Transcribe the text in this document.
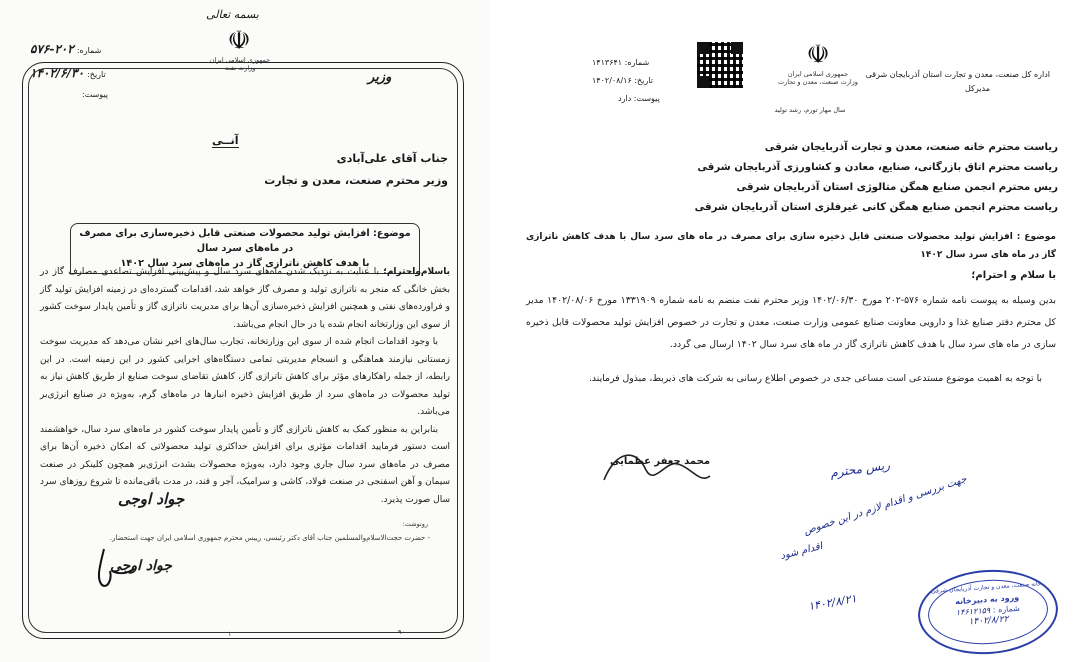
بسمه تعالی
☫
جمهوری اسلامی ایران
وزارت نفت
وزیر
شماره: ۲۰۲-۵۷۶
تاریخ: ۱۴۰۲/۶/۳۰
پیوست:
آنــی
جناب آقای علی‌آبادی
وزیر محترم صنعت، معدن و تجارت
موضوع: افزایش تولید محصولات صنعتی قابل ذخیره‌سازی برای مصرف در ماه‌های سرد سال
با هدف کاهش ناترازی گاز در ماه‌های سرد سال ۱۴۰۲

باسلام‌واحترام؛ با عنایت به نزدیک شدن ماه‌های سرد سال و پیش‌بینی افزایش تصاعدی مصارف گاز در بخش خانگی که منجر به ناترازی تولید و مصرف گاز خواهد شد، اقدامات گسترده‌ای در زمینه افزایش تولید گاز و فراورده‌های نفتی و همچنین افزایش ذخیره‌سازی آن‌ها برای مدیریت ناترازی گاز و تأمین پایدار سوخت کشور از سوی این وزارتخانه انجام شده یا در حال انجام می‌باشد.

با وجود اقدامات انجام شده از سوی این وزارتخانه، تجارب سال‌های اخیر نشان می‌دهد که مدیریت سوخت زمستانی نیازمند هماهنگی و انسجام مدیریتی تمامی دستگاه‌های اجرایی کشور در این زمینه است. در این رابطه، از جمله راهکارهای مؤثر برای کاهش ناترازی گاز، کاهش تقاضای سوخت صنایع از طریق کاهش نیاز به تولید محصولات در ماه‌های سرد از طریق افزایش ذخیره انبارها در ماه‌های گرم، به‌ویژه در صنایع انرژی‌بر می‌باشد.

بنابراین به منظور کمک به کاهش ناترازی گاز و تأمین پایدار سوخت کشور در ماه‌های سرد سال، خواهشمند است دستور فرمایید اقدامات مؤثری برای افزایش حداکثری تولید محصولاتی که امکان ذخیره آن‌ها برای مصرف در ماه‌های سرد سال جاری وجود دارد، به‌ویژه محصولات بشدت انرژی‌بر همچون کلینکر در صنعت سیمان و آهن اسفنجی در صنعت فولاد، کاشی و سرامیک، آجر و قند، در مدت باقی‌مانده تا شروع روزهای سرد سال صورت پذیرد.

جواد اوجی
رونوشت:
- حضرت حجت‌الاسلام‌والمسلمین جناب آقای دکتر رئیسی، رییس محترم جمهوری اسلامی ایران جهت استحضار.
جواد اوجی
۹۰
۱
اداره کل صنعت، معدن و تجارت استان آذربایجان شرقی
مدیرکل
☫
جمهوری اسلامی ایران
وزارت صنعت، معدن و تجارت
سال مهار تورم، رشد تولید
شماره: ۱۴۱۳۶۴۱
تاریخ: ۱۴۰۲/۰۸/۱۶
پیوست: دارد
ریاست محترم خانه صنعت، معدن و تجارت آذربایجان شرقی
ریاست محترم اتاق بازرگانی، صنایع، معادن و کشاورزی آذربایجان شرقی
ریس محترم انجمن صنایع همگن متالوژی استان آذربایجان شرقی
ریاست محترم انجمن صنایع همگن کانی غیرفلزی استان آذربایجان شرقی
موضوع : افزایش تولید محصولات صنعتی قابل ذخیره سازی برای مصرف در ماه های سرد سال با هدف کاهش ناترازی گاز در ماه های سرد سال ۱۴۰۲
با سلام و احترام؛
بدین وسیله به پیوست نامه شماره ۵۷۶-۲۰۲ مورخ ۱۴۰۲/۰۶/۳۰ وزیر محترم نفت منضم به نامه شماره ۱۳۳۱۹۰۹ مورخ ۱۴۰۲/۰۸/۰۶ مدیر کل محترم دفتر صنایع غذا و دارویی معاونت صنایع عمومی وزارت صنعت، معدن و تجارت در خصوص افزایش تولید محصولات قابل ذخیره سازی در ماه های سرد سال با هدف کاهش ناترازی گاز در ماه های سرد سال ۱۴۰۲ ارسال می گردد.
با توجه به اهمیت موضوع مستدعی است مساعی جدی در خصوص اطلاع رسانی به شرکت های ذیربط، مبذول فرمایند.
محمد جعفر عظمایی	ریس محترم
جهت بررسی و اقدام لازم در این خصوص
اقدام شود
۱۴۰۲/۸/۲۱
خانه صنعت، معدن و تجارت آذربایجان شرقی
ورود به دبیرخانه
شماره : ۱۴۶۱۲۱۵۹
۱۴۰۲/۸/۲۲
